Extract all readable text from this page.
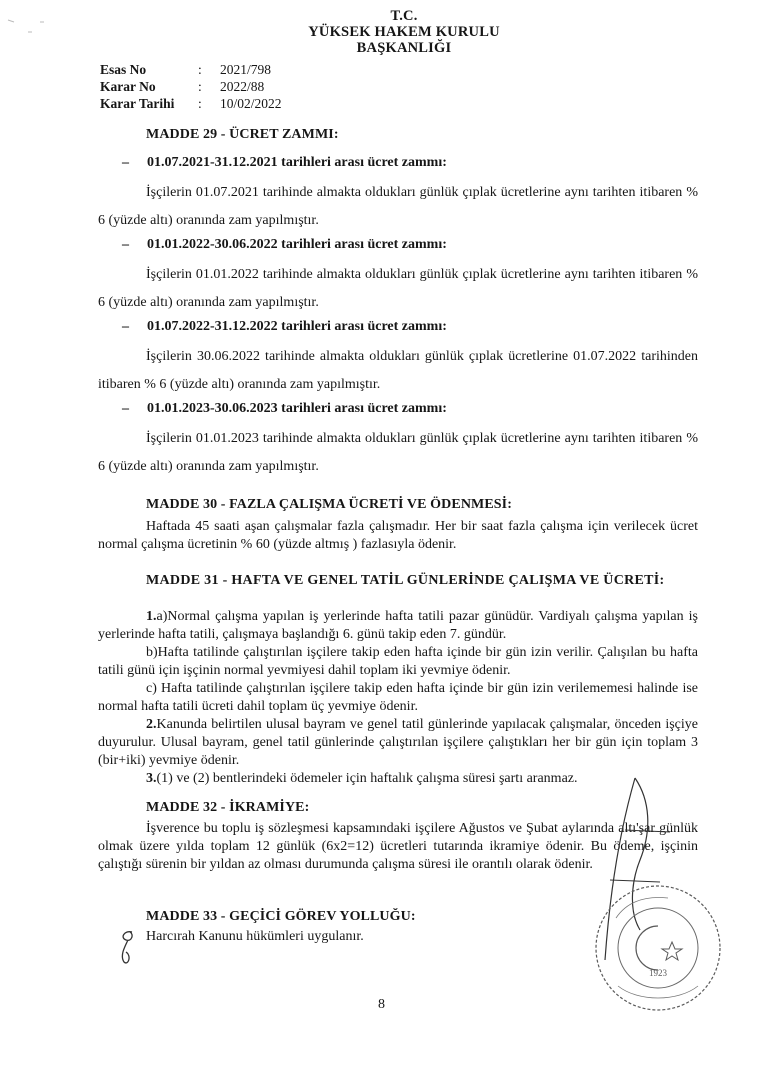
T.C.
YÜKSEK HAKEM KURULU
BAŞKANLIĞI
Esas No	:	2021/798
Karar No	:	2022/88
Karar Tarihi	:	10/02/2022
MADDE 29 - ÜCRET ZAMMI:
– 01.07.2021-31.12.2021 tarihleri arası ücret zammı:
İşçilerin 01.07.2021 tarihinde almakta oldukları günlük çıplak ücretlerine aynı tarihten itibaren % 6 (yüzde altı) oranında zam yapılmıştır.
– 01.01.2022-30.06.2022 tarihleri arası ücret zammı:
İşçilerin 01.01.2022 tarihinde almakta oldukları günlük çıplak ücretlerine aynı tarihten itibaren % 6 (yüzde altı) oranında zam yapılmıştır.
– 01.07.2022-31.12.2022 tarihleri arası ücret zammı:
İşçilerin 30.06.2022 tarihinde almakta oldukları günlük çıplak ücretlerine 01.07.2022 tarihinden itibaren % 6 (yüzde altı) oranında zam yapılmıştır.
– 01.01.2023-30.06.2023 tarihleri arası ücret zammı:
İşçilerin 01.01.2023 tarihinde almakta oldukları günlük çıplak ücretlerine aynı tarihten itibaren % 6 (yüzde altı) oranında zam yapılmıştır.
MADDE 30 - FAZLA ÇALIŞMA ÜCRETİ VE ÖDENMESİ:

Haftada 45 saati aşan çalışmalar fazla çalışmadır. Her bir saat fazla çalışma için verilecek ücret normal çalışma ücretinin % 60 (yüzde altmış ) fazlasıyla ödenir.

MADDE 31 - HAFTA VE GENEL TATİL GÜNLERİNDE ÇALIŞMA VE ÜCRETİ:

1.a)Normal çalışma yapılan iş yerlerinde hafta tatili pazar günüdür. Vardiyalı çalışma yapılan iş yerlerinde hafta tatili, çalışmaya başlandığı 6. günü takip eden 7. gündür.

b)Hafta tatilinde çalıştırılan işçilere takip eden hafta içinde bir gün izin verilir. Çalışılan bu hafta tatili günü için işçinin normal yevmiyesi dahil toplam iki yevmiye ödenir.

c) Hafta tatilinde çalıştırılan işçilere takip eden hafta içinde bir gün izin verilememesi halinde ise normal hafta tatili ücreti dahil toplam üç yevmiye ödenir.

2.Kanunda belirtilen ulusal bayram ve genel tatil günlerinde yapılacak çalışmalar, önceden işçiye duyurulur. Ulusal bayram, genel tatil günlerinde çalıştırılan işçilere çalıştıkları her bir gün için toplam 3 (bir+iki) yevmiye ödenir.

3.(1) ve (2) bentlerindeki ödemeler için haftalık çalışma süresi şartı aranmaz.

MADDE 32 - İKRAMİYE:

İşverence bu toplu iş sözleşmesi kapsamındaki işçilere Ağustos ve Şubat aylarında altı'şar günlük olmak üzere yılda toplam 12 günlük (6x2=12) ücretleri tutarında ikramiye ödenir. Bu ödeme, işçinin çalıştığı sürenin bir yıldan az olması durumunda çalışma süresi ile orantılı olarak ödenir.

MADDE 33 - GEÇİCİ GÖREV YOLLUĞU:
Harcırah Kanunu hükümleri uygulanır.
1923
8
